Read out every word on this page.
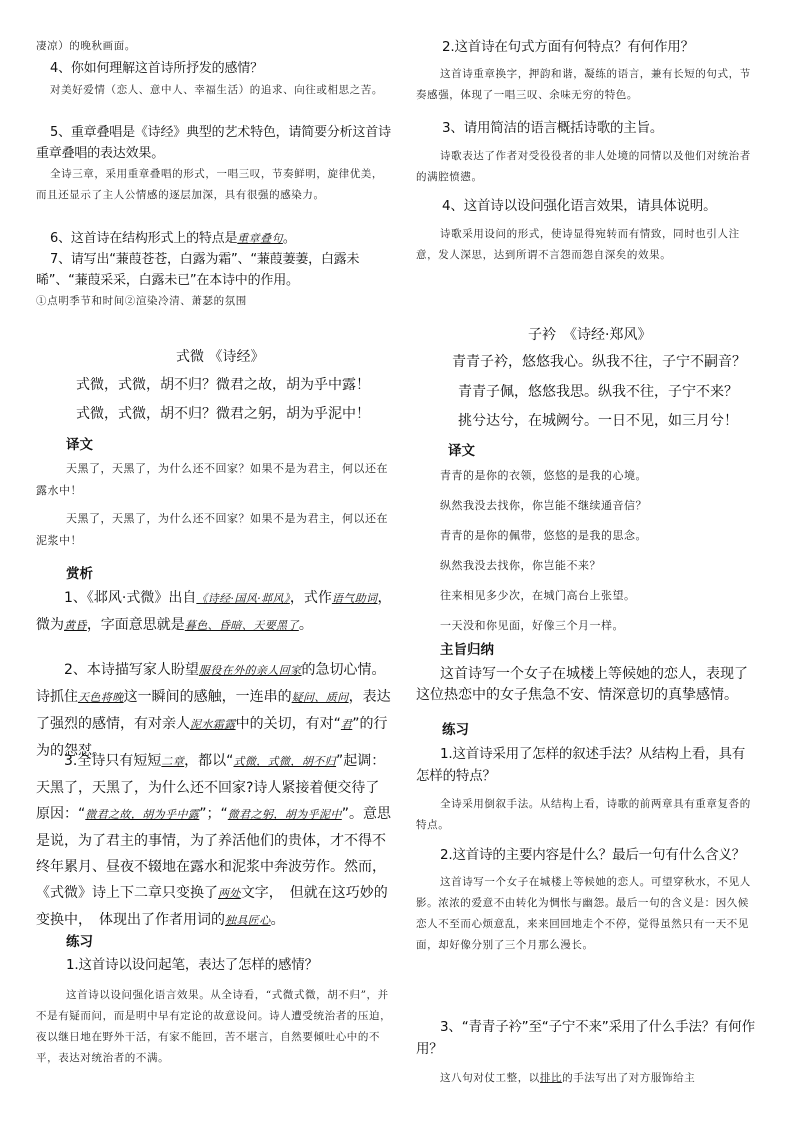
凄凉）的晚秋画面。
4、你如何理解这首诗所抒发的感情？
对美好爱情（恋人、意中人、幸福生活）的追求、向往或相思之苦。
5、重章叠唱是《诗经》典型的艺术特色，请简要分析这首诗重章叠唱的表达效果。
全诗三章，采用重章叠唱的形式，一唱三叹，节奏鲜明，旋律优美，而且还显示了主人公情感的逐层加深，具有很强的感染力。
6、这首诗在结构形式上的特点是重章叠句。
7、请写出“蒹葭苍苍，白露为霜”、“蒹葭萋萋，白露未晞”、“蒹葭采采，白露未已”在本诗中的作用。
①点明季节和时间②渲染冷清、萧瑟的氛围
式微 《诗经》
式微，式微，胡不归？微君之故，胡为乎中露！
式微，式微，胡不归？微君之躬，胡为乎泥中！
译文
天黑了，天黑了，为什么还不回家？如果不是为君主，何以还在露水中！
天黑了，天黑了，为什么还不回家？如果不是为君主，何以还在泥浆中！
赏析
1、《邶风·式微》出自《诗经·国风·邶风》，式作语气助词，微为黄昏，字面意思就是暮色、昏暗、天要黑了。
2、本诗描写家人盼望服役在外的亲人回家的急切心情。诗抓住天色将晚这一瞬间的感触，一连串的疑问、质问，表达了强烈的感情，有对亲人泥水霜露中的关切，有对“君”的行为的怨怼。
3.全诗只有短短二章，都以“式微，式微，胡不归”起调：天黑了，天黑了，为什么还不回家?诗人紧接着便交待了原因：“微君之故，胡为乎中露”；“微君之躬，胡为乎泥中”。意思是说，为了君主的事情，为了养活他们的贵体，才不得不终年累月、昼夜不辍地在露水和泥浆中奔波劳作。然而，《式微》诗上下二章只变换了两处文字，　但就在这巧妙的变换中，　体现出了作者用词的独具匠心。
练习
1.这首诗以设问起笔，表达了怎样的感情？
这首诗以设问强化语言效果。从全诗看，“式微式微，胡不归”，并不是有疑而问，而是明中早有定论的故意设问。诗人遭受统治者的压迫，夜以继日地在野外干活，有家不能回，苦不堪言，自然要倾吐心中的不平，表达对统治者的不满。
2.这首诗在句式方面有何特点？有何作用？
这首诗重章换字，押韵和谐，凝练的语言，兼有长短的句式，节奏感强，体现了一唱三叹、余味无穷的特色。
3、请用简洁的语言概括诗歌的主旨。
诗歌表达了作者对受役役者的非人处境的同情以及他们对统治者的满腔愤懑。
4、这首诗以设问强化语言效果，请具体说明。
诗歌采用设问的形式，使诗显得宛转而有情致，同时也引人注意，发人深思，达到所谓不言怨而怨自深矣的效果。
子衿　《诗经·郑风》
青青子衿，悠悠我心。纵我不往，子宁不嗣音？
青青子佩，悠悠我思。纵我不往，子宁不来？
挑兮达兮，在城阙兮。一日不见，如三月兮！
译文
青青的是你的衣领，悠悠的是我的心境。
纵然我没去找你，你岂能不继续通音信？
青青的是你的佩带，悠悠的是我的思念。
纵然我没去找你，你岂能不来？
往来相见多少次，在城门高台上张望。
一天没和你见面，好像三个月一样。
主旨归纳
这首诗写一个女子在城楼上等候她的恋人，表现了这位热恋中的女子焦急不安、情深意切的真挚感情。
练习
1.这首诗采用了怎样的叙述手法？从结构上看，具有怎样的特点？
全诗采用倒叙手法。从结构上看，诗歌的前两章具有重章复沓的特点。
2.这首诗的主要内容是什么？最后一句有什么含义？
这首诗写一个女子在城楼上等候她的恋人。可望穿秋水，不见人影。浓浓的爱意不由转化为惆怅与幽怨。最后一句的含义是：因久候恋人不至而心烦意乱，来来回回地走个不停，觉得虽然只有一天不见面，却好像分别了三个月那么漫长。
3、“青青子衿”至“子宁不来”采用了什么手法？有何作用？
这八句对仗工整，以排比的手法写出了对方服饰给主
